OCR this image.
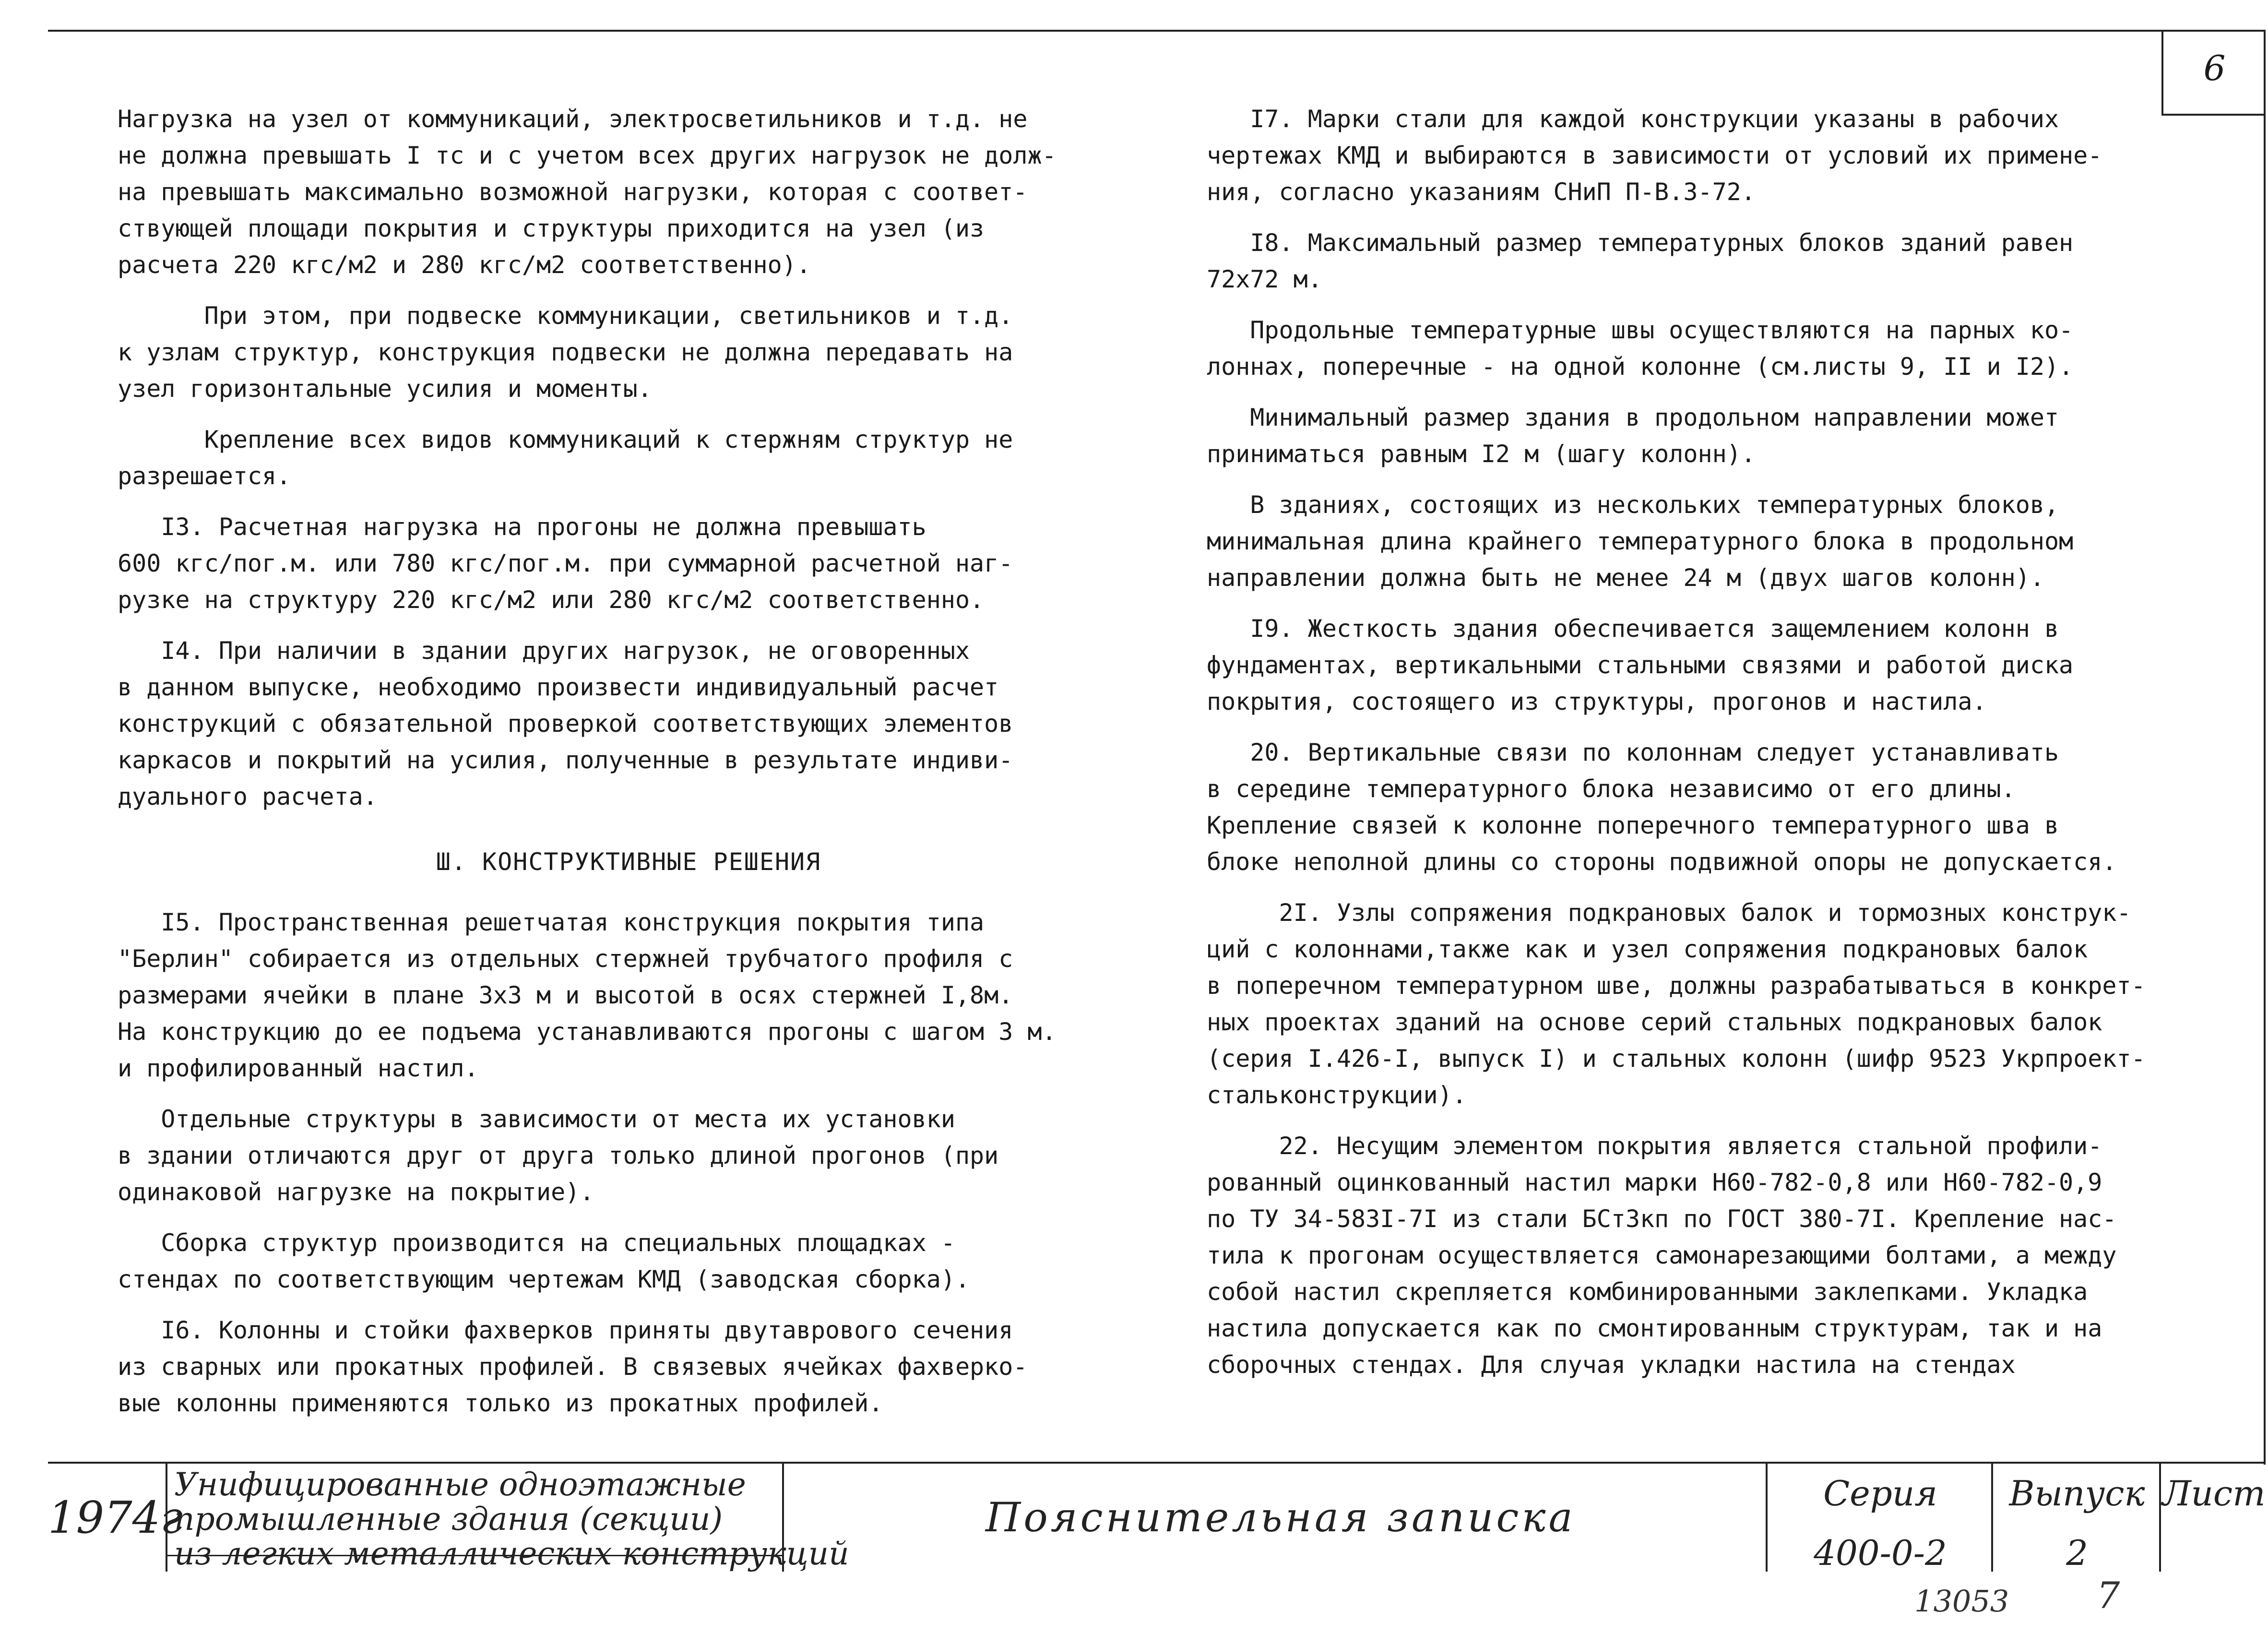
6

Нагрузка на узел от коммуникаций, электросветильников и т.д. не
не должна превышать I тс и с учетом всех других нагрузок не долж-
на превышать максимально возможной нагрузки, которая с соответ-
ствующей площади покрытия и структуры приходится на узел (из
расчета 220 кгс/м2 и 280 кгс/м2 соответственно).

При этом, при подвеске коммуникации, светильников и т.д.
к узлам структур, конструкция подвески не должна передавать на
узел горизонтальные усилия и моменты.

Крепление всех видов коммуникаций к стержням структур не
разрешается.

I3. Расчетная нагрузка на прогоны не должна превышать
600 кгс/пог.м. или 780 кгс/пог.м. при суммарной расчетной наг-
рузке на структуру 220 кгс/м2 или 280 кгс/м2 соответственно.

I4. При наличии в здании других нагрузок, не оговоренных
в данном выпуске, необходимо произвести индивидуальный расчет
конструкций с обязательной проверкой соответствующих элементов
каркасов и покрытий на усилия, полученные в результате индиви-
дуального расчета.

Ш. КОНСТРУКТИВНЫЕ РЕШЕНИЯ

I5. Пространственная решетчатая конструкция покрытия типа
"Берлин" собирается из отдельных стержней трубчатого профиля с
размерами ячейки в плане 3х3 м и высотой в осях стержней I,8м.
На конструкцию до ее подъема устанавливаются прогоны с шагом 3 м.
и профилированный настил.

Отдельные структуры в зависимости от места их установки
в здании отличаются друг от друга только длиной прогонов (при
одинаковой нагрузке на покрытие).

Сборка структур производится на специальных площадках -
стендах по соответствующим чертежам КМД (заводская сборка).

I6. Колонны и стойки фахверков приняты двутаврового сечения
из сварных или прокатных профилей. В связевых ячейках фахверко-
вые колонны применяются только из прокатных профилей.

I7. Марки стали для каждой конструкции указаны в рабочих
чертежах КМД и выбираются в зависимости от условий их примене-
ния, согласно указаниям СНиП П-В.3-72.

I8. Максимальный размер температурных блоков зданий равен
72х72 м.

Продольные температурные швы осуществляются на парных ко-
лоннах, поперечные - на одной колонне (см.листы 9, II и I2).

Минимальный размер здания в продольном направлении может
приниматься равным I2 м (шагу колонн).

В зданиях, состоящих из нескольких температурных блоков,
минимальная длина крайнего температурного блока в продольном
направлении должна быть не менее 24 м (двух шагов колонн).

I9. Жесткость здания обеспечивается защемлением колонн в
фундаментах, вертикальными стальными связями и работой диска
покрытия, состоящего из структуры, прогонов и настила.

20. Вертикальные связи по колоннам следует устанавливать
в середине температурного блока независимо от его длины.
Крепление связей к колонне поперечного температурного шва в
блоке неполной длины со стороны подвижной опоры не допускается.

2I. Узлы сопряжения подкрановых балок и тормозных конструк-
ций с колоннами,также как и узел сопряжения подкрановых балок
в поперечном температурном шве, должны разрабатываться в конкрет-
ных проектах зданий на основе серий стальных подкрановых балок
(серия I.426-I, выпуск I) и стальных колонн (шифр 9523 Укрпроект-
стальконструкции).

22. Несущим элементом покрытия является стальной профили-
рованный оцинкованный настил марки Н60-782-0,8 или Н60-782-0,9
по ТУ 34-583I-7I из стали БСт3кп по ГОСТ 380-7I. Крепление нас-
тила к прогонам осуществляется самонарезающими болтами, а между
собой настил скрепляется комбинированными заклепками. Укладка
настила допускается как по смонтированным структурам, так и на
сборочных стендах. Для случая укладки настила на стендах

1974г
Унифицированные одноэтажные
промышленные здания (секции)
из легких металлических конструкций
Пояснительная записка
Серия
400-0-2
Выпуск
2
Лист
13053 7
